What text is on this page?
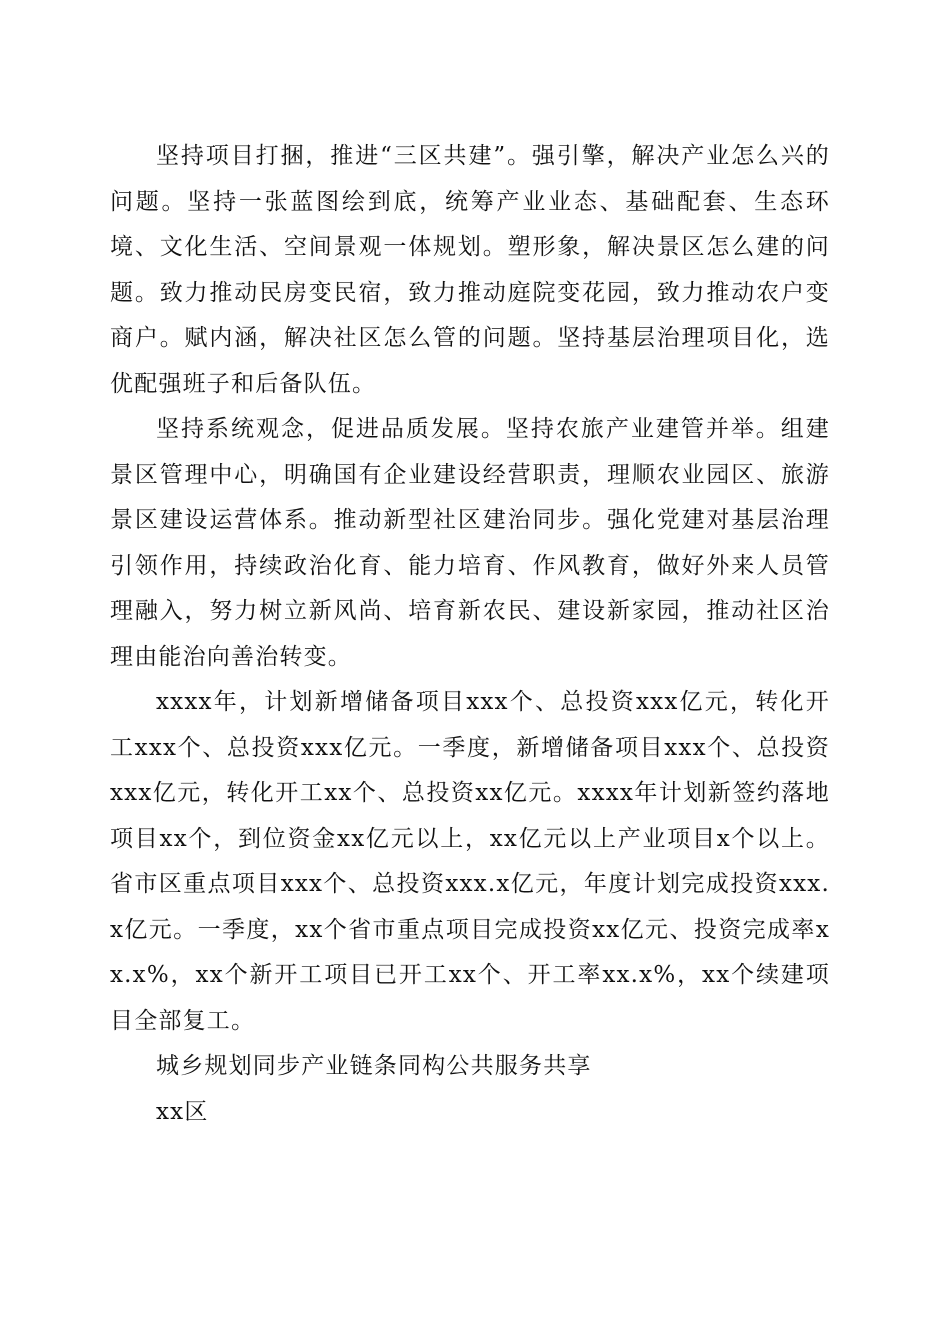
坚持项目打捆，推进“三区共建”。强引擎，解决产业怎么兴的问题。坚持一张蓝图绘到底，统筹产业业态、基础配套、生态环境、文化生活、空间景观一体规划。塑形象，解决景区怎么建的问题。致力推动民房变民宿，致力推动庭院变花园，致力推动农户变商户。赋内涵，解决社区怎么管的问题。坚持基层治理项目化，选优配强班子和后备队伍。

坚持系统观念，促进品质发展。坚持农旅产业建管并举。组建景区管理中心，明确国有企业建设经营职责，理顺农业园区、旅游景区建设运营体系。推动新型社区建治同步。强化党建对基层治理引领作用，持续政治化育、能力培育、作风教育，做好外来人员管理融入，努力树立新风尚、培育新农民、建设新家园，推动社区治理由能治向善治转变。

xxxx年，计划新增储备项目xxx个、总投资xxx亿元，转化开工xxx个、总投资xxx亿元。一季度，新增储备项目xxx个、总投资xxx亿元，转化开工xx个、总投资xx亿元。xxxx年计划新签约落地项目xx个，到位资金xx亿元以上，xx亿元以上产业项目x个以上。省市区重点项目xxx个、总投资xxx.x亿元，年度计划完成投资xxx.x亿元。一季度，xx个省市重点项目完成投资xx亿元、投资完成率xx.x%，xx个新开工项目已开工xx个、开工率xx.x%，xx个续建项目全部复工。

城乡规划同步产业链条同构公共服务共享

xx区
